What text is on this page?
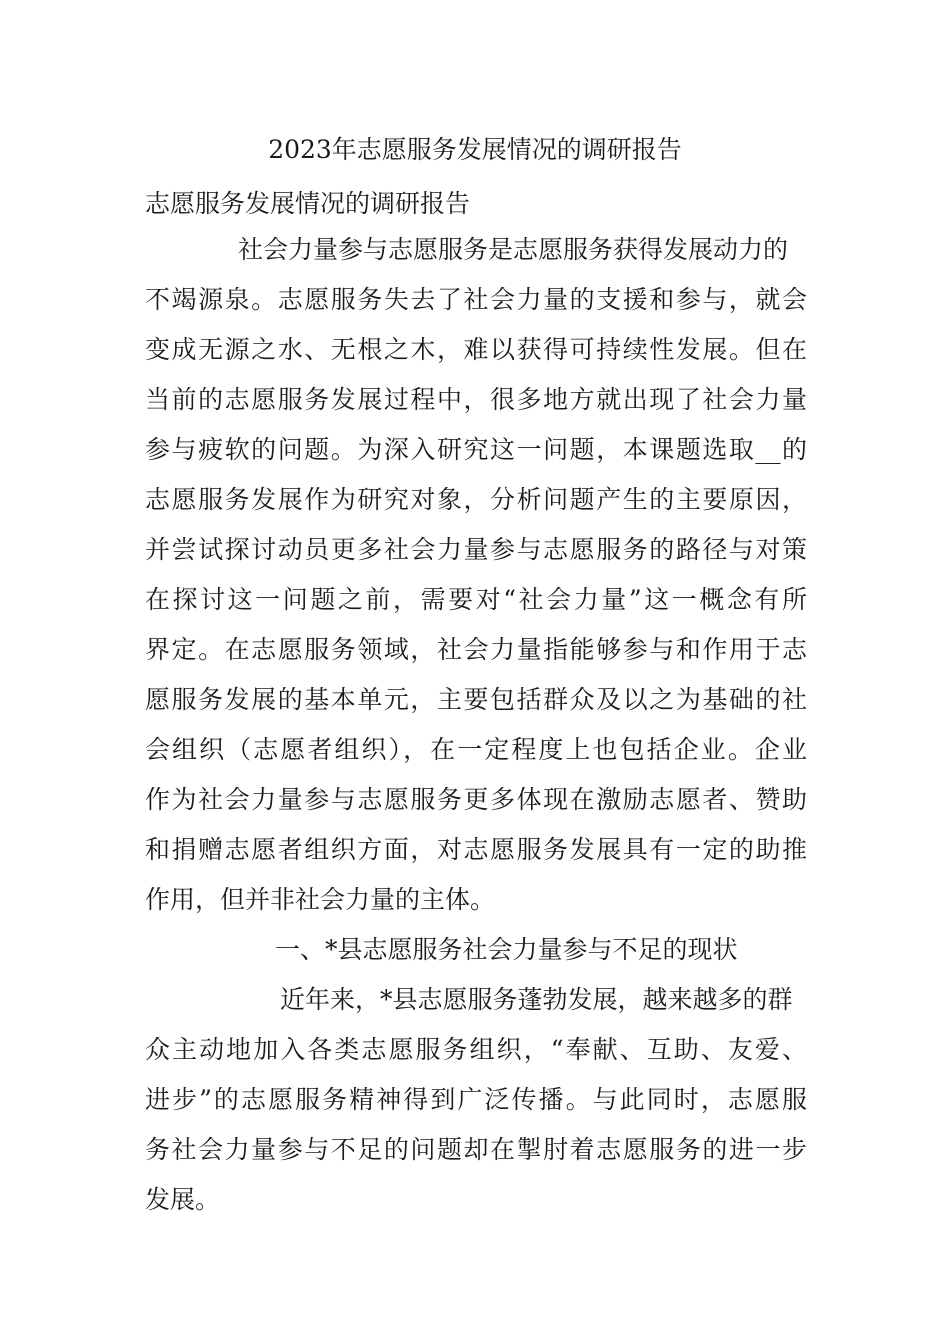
2023年志愿服务发展情况的调研报告
志愿服务发展情况的调研报告
社会力量参与志愿服务是志愿服务获得发展动力的
不竭源泉。志愿服务失去了社会力量的支援和参与，就会
变成无源之水、无根之木，难以获得可持续性发展。但在
当前的志愿服务发展过程中，很多地方就出现了社会力量
参与疲软的问题。为深入研究这一问题，本课题选取__的
志愿服务发展作为研究对象，分析问题产生的主要原因，
并尝试探讨动员更多社会力量参与志愿服务的路径与对策
在探讨这一问题之前，需要对“社会力量”这一概念有所
界定。在志愿服务领域，社会力量指能够参与和作用于志
愿服务发展的基本单元，主要包括群众及以之为基础的社
会组织（志愿者组织），在一定程度上也包括企业。企业
作为社会力量参与志愿服务更多体现在激励志愿者、赞助
和捐赠志愿者组织方面，对志愿服务发展具有一定的助推
作用，但并非社会力量的主体。
一、*县志愿服务社会力量参与不足的现状
近年来，*县志愿服务蓬勃发展，越来越多的群
众主动地加入各类志愿服务组织，“奉献、互助、友爱、
进步”的志愿服务精神得到广泛传播。与此同时，志愿服
务社会力量参与不足的问题却在掣肘着志愿服务的进一步
发展。
